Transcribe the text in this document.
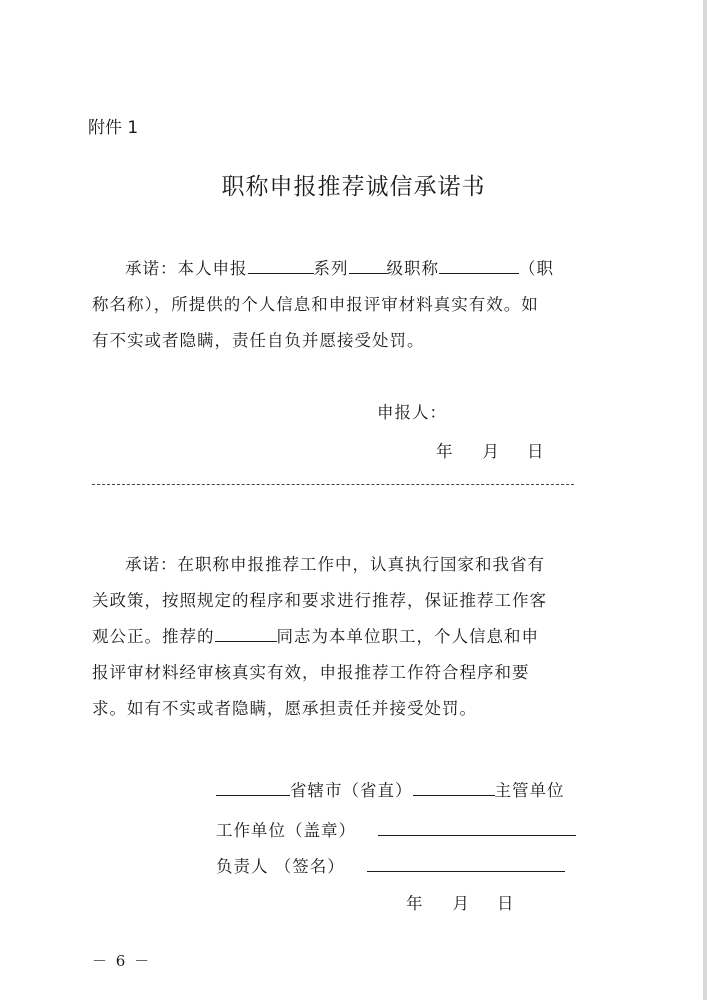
附件 1
职称申报推荐诚信承诺书
承诺：本人申报	系列 级职称	（职
称名称），所提供的个人信息和申报评审材料真实有效。如
有不实或者隐瞒，责任自负并愿接受处罚。
申报人：
年 月 日
承诺：在职称申报推荐工作中，认真执行国家和我省有
关政策，按照规定的程序和要求进行推荐，保证推荐工作客
观公正。推荐的	同志为本单位职工，个人信息和申
报评审材料经审核真实有效，申报推荐工作符合程序和要
求。如有不实或者隐瞒，愿承担责任并接受处罚。
省辖市（省直）	主管单位
工作单位（盖章）
负责人 （签名）
年 月 日
－ 6 －
